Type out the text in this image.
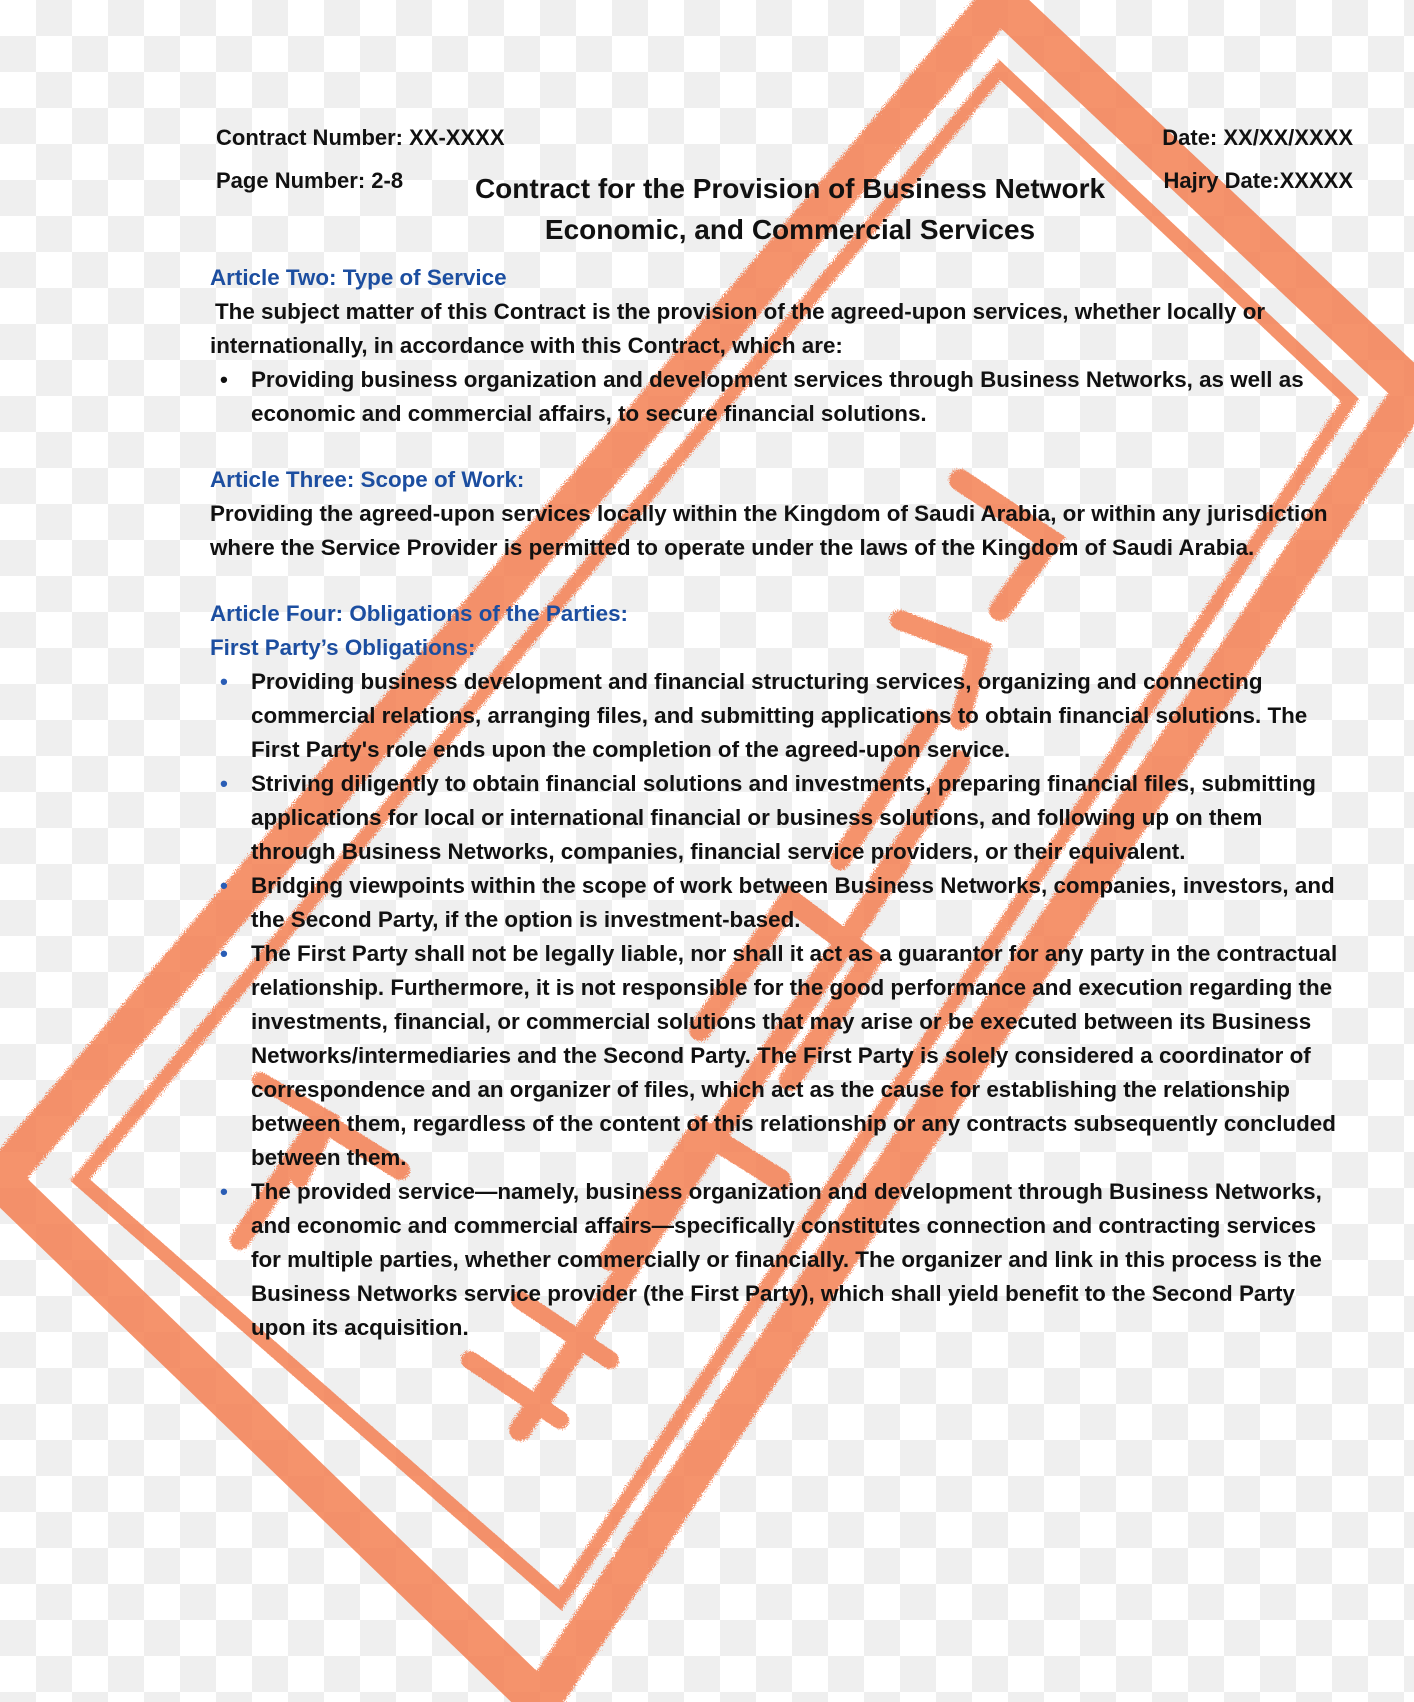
Contract Number: XX-XXXX

Page Number: 2-8

Date: XX/XX/XXXX

Hajry Date:XXXXX

Contract for the Provision of Business Network
Economic, and Commercial Services
Article Two: Type of Service

The subject matter of this Contract is the provision of the agreed-upon services, whether locally or internationally, in accordance with this Contract, which are:

• Providing business organization and development services through Business Networks, as well as economic and commercial affairs, to secure financial solutions.
Article Three: Scope of Work:

Providing the agreed-upon services locally within the Kingdom of Saudi Arabia, or within any jurisdiction where the Service Provider is permitted to operate under the laws of the Kingdom of Saudi Arabia.

Article Four: Obligations of the Parties:
First Party’s Obligations:
• Providing business development and financial structuring services, organizing and connecting commercial relations, arranging files, and submitting applications to obtain financial solutions. The First Party's role ends upon the completion of the agreed-upon service.
• Striving diligently to obtain financial solutions and investments, preparing financial files, submitting applications for local or international financial or business solutions, and following up on them through Business Networks, companies, financial service providers, or their equivalent.
• Bridging viewpoints within the scope of work between Business Networks, companies, investors, and the Second Party, if the option is investment-based.
• The First Party shall not be legally liable, nor shall it act as a guarantor for any party in the contractual relationship. Furthermore, it is not responsible for the good performance and execution regarding the investments, financial, or commercial solutions that may arise or be executed between its Business Networks/intermediaries and the Second Party. The First Party is solely considered a coordinator of correspondence and an organizer of files, which act as the cause for establishing the relationship between them, regardless of the content of this relationship or any contracts subsequently concluded between them.
• The provided service—namely, business organization and development through Business Networks, and economic and commercial affairs—specifically constitutes connection and contracting services for multiple parties, whether commercially or financially. The organizer and link in this process is the Business Networks service provider (the First Party), which shall yield benefit to the Second Party upon its acquisition.
